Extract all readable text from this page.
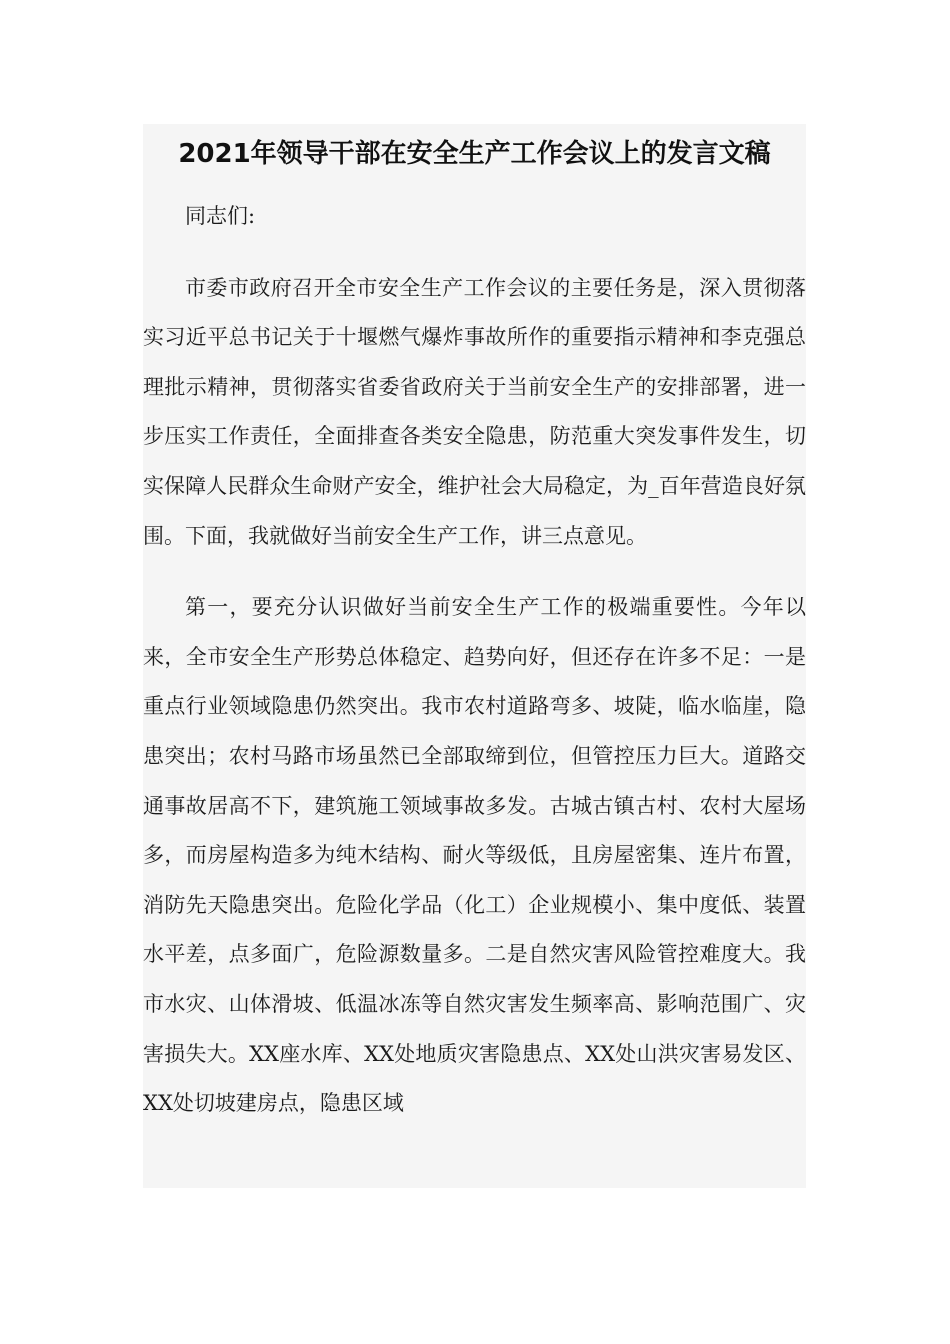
2021年领导干部在安全生产工作会议上的发言文稿

同志们:

市委市政府召开全市安全生产工作会议的主要任务是，深入贯彻落实习近平总书记关于十堰燃气爆炸事故所作的重要指示精神和李克强总理批示精神，贯彻落实省委省政府关于当前安全生产的安排部署，进一步压实工作责任，全面排查各类安全隐患，防范重大突发事件发生，切实保障人民群众生命财产安全，维护社会大局稳定，为_百年营造良好氛围。下面，我就做好当前安全生产工作，讲三点意见。

第一，要充分认识做好当前安全生产工作的极端重要性。今年以来，全市安全生产形势总体稳定、趋势向好，但还存在许多不足：一是重点行业领域隐患仍然突出。我市农村道路弯多、坡陡，临水临崖，隐患突出；农村马路市场虽然已全部取缔到位，但管控压力巨大。道路交通事故居高不下，建筑施工领域事故多发。古城古镇古村、农村大屋场多，而房屋构造多为纯木结构、耐火等级低，且房屋密集、连片布置，消防先天隐患突出。危险化学品（化工）企业规模小、集中度低、装置水平差，点多面广，危险源数量多。二是自然灾害风险管控难度大。我市水灾、山体滑坡、低温冰冻等自然灾害发生频率高、影响范围广、灾害损失大。XX座水库、XX处地质灾害隐患点、XX处山洪灾害易发区、XX处切坡建房点，隐患区域
